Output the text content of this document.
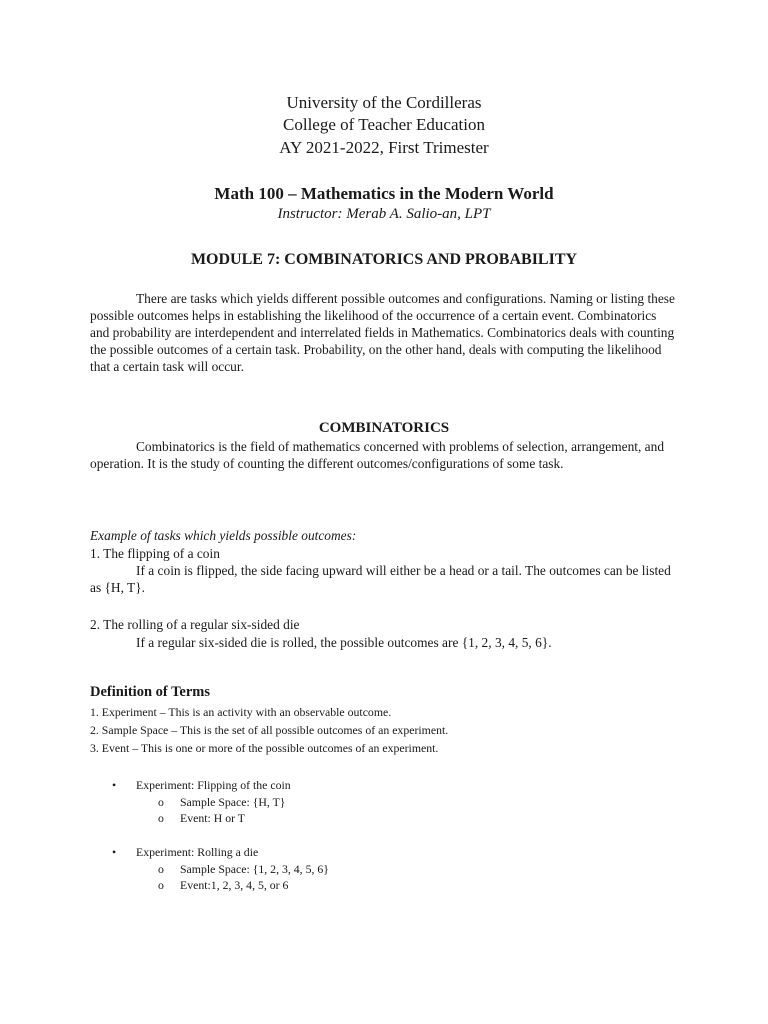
University of the Cordilleras
College of Teacher Education
AY 2021-2022, First Trimester
Math 100 – Mathematics in the Modern World
Instructor: Merab A. Salio-an, LPT
MODULE 7: COMBINATORICS AND PROBABILITY

There are tasks which yields different possible outcomes and configurations. Naming or listing these possible outcomes helps in establishing the likelihood of the occurrence of a certain event. Combinatorics and probability are interdependent and interrelated fields in Mathematics. Combinatorics deals with counting the possible outcomes of a certain task. Probability, on the other hand, deals with computing the likelihood that a certain task will occur.

COMBINATORICS

Combinatorics is the field of mathematics concerned with problems of selection, arrangement, and operation. It is the study of counting the different outcomes/configurations of some task.

Example of tasks which yields possible outcomes:
1. The flipping of a coin

If a coin is flipped, the side facing upward will either be a head or a tail. The outcomes can be listed as {H, T}.

2. The rolling of a regular six-sided die
If a regular six-sided die is rolled, the possible outcomes are {1, 2, 3, 4, 5, 6}.
Definition of Terms
1. Experiment – This is an activity with an observable outcome.
2. Sample Space – This is the set of all possible outcomes of an experiment.
3. Event – This is one or more of the possible outcomes of an experiment.
• Experiment: Flipping of the coin
o Sample Space: {H, T}
o Event: H or T
• Experiment: Rolling a die
o Sample Space: {1, 2, 3, 4, 5, 6}
o Event:1, 2, 3, 4, 5, or 6
